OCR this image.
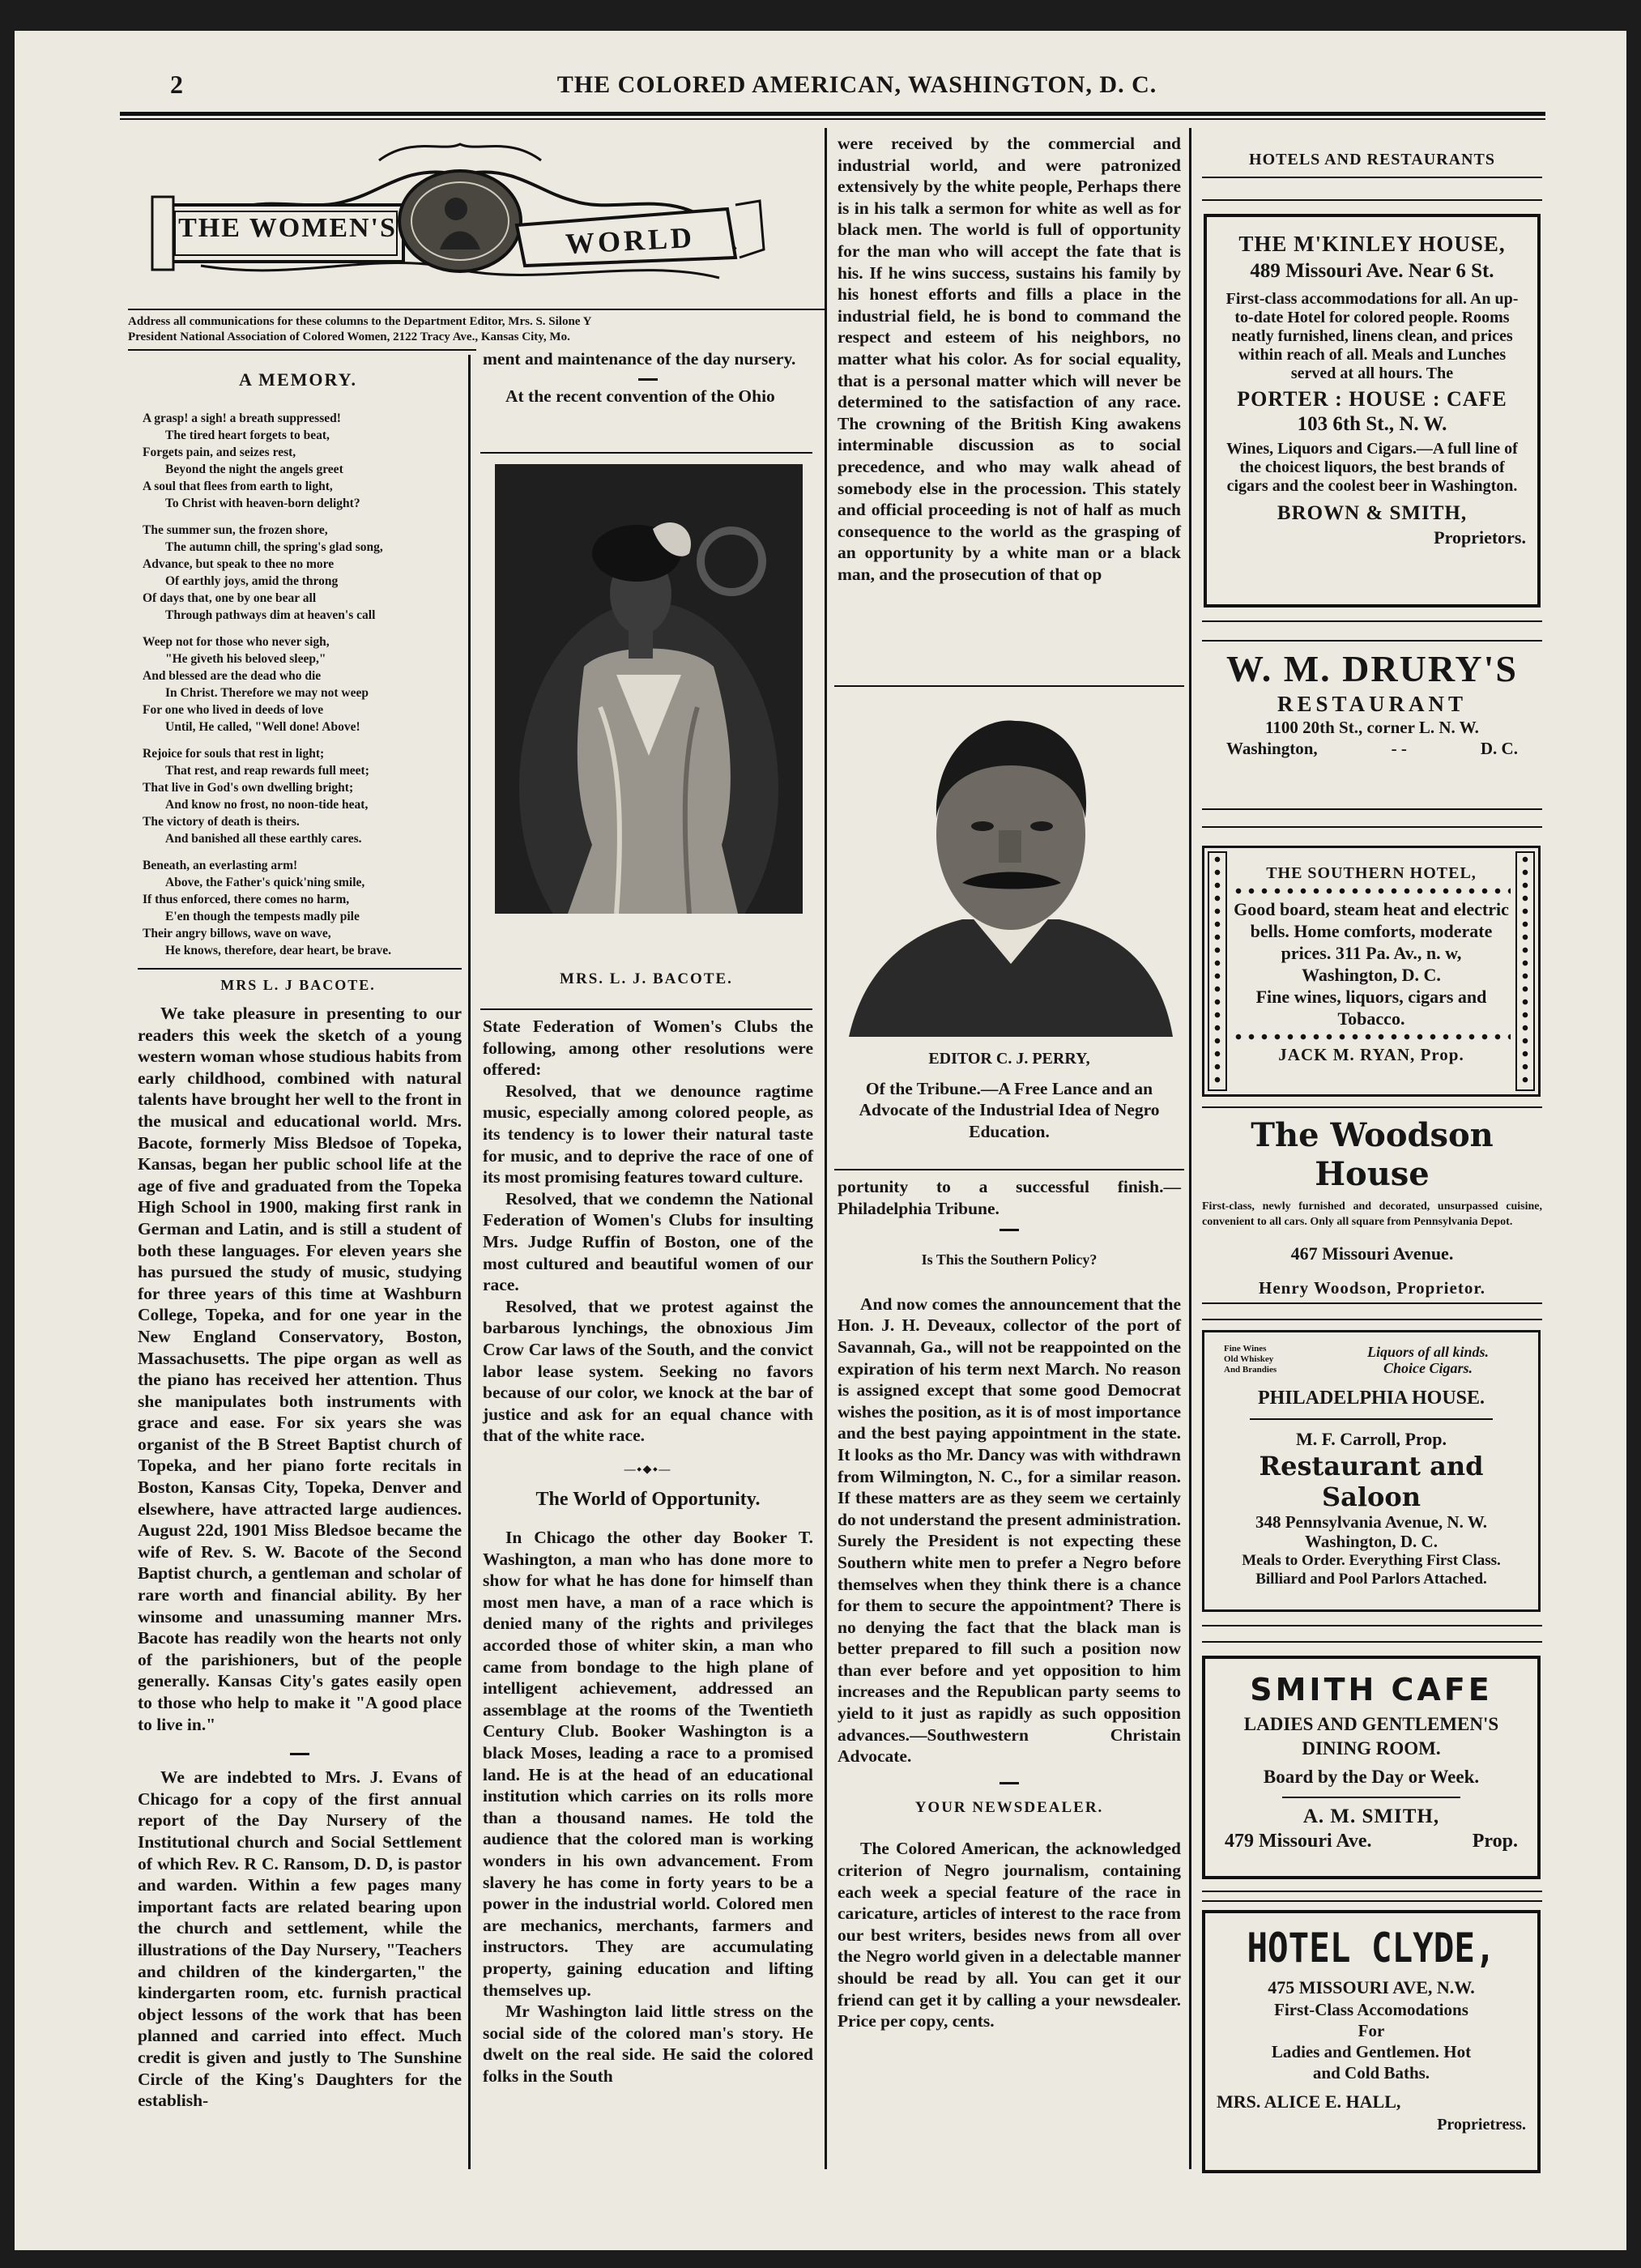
2	THE COLORED AMERICAN, WASHINGTON, D. C.
THE WOMEN'S	WORLD

Address all communications for these columns to the Department Editor, Mrs. S. Silone Y

President National Association of Colored Women, 2122 Tracy Ave., Kansas City, Mo.

A MEMORY.

A grasp! a sigh! a breath suppressed!

The tired heart forgets to beat,

Forgets pain, and seizes rest,

Beyond the night the angels greet

A soul that flees from earth to light,

To Christ with heaven-born delight?

The summer sun, the frozen shore,

The autumn chill, the spring's glad song,

Advance, but speak to thee no more

Of earthly joys, amid the throng

Of days that, one by one bear all

Through pathways dim at heaven's call

Weep not for those who never sigh,

"He giveth his beloved sleep,"

And blessed are the dead who die

In Christ. Therefore we may not weep

For one who lived in deeds of love

Until, He called, "Well done! Above!

Rejoice for souls that rest in light;

That rest, and reap rewards full meet;

That live in God's own dwelling bright;

And know no frost, no noon-tide heat,

The victory of death is theirs.

And banished all these earthly cares.

Beneath, an everlasting arm!

Above, the Father's quick'ning smile,

If thus enforced, there comes no harm,

E'en though the tempests madly pile

Their angry billows, wave on wave,

He knows, therefore, dear heart, be brave.

MRS L. J BACOTE.

We take pleasure in presenting to our readers this week the sketch of a young western woman whose studious habits from early childhood, combined with natural talents have brought her well to the front in the musical and educational world. Mrs. Bacote, formerly Miss Bledsoe of Topeka, Kansas, began her public school life at the age of five and graduated from the Topeka High School in 1900, making first rank in German and Latin, and is still a student of both these languages. For eleven years she has pursued the study of music, studying for three years of this time at Washburn College, Topeka, and for one year in the New England Conservatory, Boston, Massachusetts. The pipe organ as well as the piano has received her attention. Thus she manipulates both instruments with grace and ease. For six years she was organist of the B Street Baptist church of Topeka, and her piano forte recitals in Boston, Kansas City, Topeka, Denver and elsewhere, have attracted large audiences. August 22d, 1901 Miss Bledsoe became the wife of Rev. S. W. Bacote of the Second Baptist church, a gentleman and scholar of rare worth and financial ability. By her winsome and unassuming manner Mrs. Bacote has readily won the hearts not only of the parishioners, but of the people generally. Kansas City's gates easily open to those who help to make it "A good place to live in."

We are indebted to Mrs. J. Evans of Chicago for a copy of the first annual report of the Day Nursery of the Institutional church and Social Settlement of which Rev. R C. Ransom, D. D, is pastor and warden. Within a few pages many important facts are related bearing upon the church and settlement, while the illustrations of the Day Nursery, "Teachers and children of the kindergarten," the kindergarten room, etc. furnish practical object lessons of the work that has been planned and carried into effect. Much credit is given and justly to The Sunshine Circle of the King's Daughters for the establish-

ment and maintenance of the day nursery.

At the recent convention of the Ohio

MRS. L. J. BACOTE.

State Federation of Women's Clubs the following, among other resolutions were offered:

Resolved, that we denounce ragtime music, especially among colored people, as its tendency is to lower their natural taste for music, and to deprive the race of one of its most promising features toward culture.

Resolved, that we condemn the National Federation of Women's Clubs for insulting Mrs. Judge Ruffin of Boston, one of the most cultured and beautiful women of our race.

Resolved, that we protest against the barbarous lynchings, the obnoxious Jim Crow Car laws of the South, and the convict labor lease system. Seeking no favors because of our color, we knock at the bar of justice and ask for an equal chance with that of the white race.

—⬩◆⬩—

The World of Opportunity.

In Chicago the other day Booker T. Washington, a man who has done more to show for what he has done for himself than most men have, a man of a race which is denied many of the rights and privileges accorded those of whiter skin, a man who came from bondage to the high plane of intelligent achievement, addressed an assemblage at the rooms of the Twentieth Century Club. Booker Washington is a black Moses, leading a race to a promised land. He is at the head of an educational institution which carries on its rolls more than a thousand names. He told the audience that the colored man is working wonders in his own advancement. From slavery he has come in forty years to be a power in the industrial world. Colored men are mechanics, merchants, farmers and instructors. They are accumulating property, gaining education and lifting themselves up.

Mr Washington laid little stress on the social side of the colored man's story. He dwelt on the real side. He said the colored folks in the South

were received by the commercial and industrial world, and were patronized extensively by the white people, Perhaps there is in his talk a sermon for white as well as for black men. The world is full of opportunity for the man who will accept the fate that is his. If he wins success, sustains his family by his honest efforts and fills a place in the industrial field, he is bond to command the respect and esteem of his neighbors, no matter what his color. As for social equality, that is a personal matter which will never be determined to the satisfaction of any race. The crowning of the British King awakens interminable discussion as to social precedence, and who may walk ahead of somebody else in the procession. This stately and official proceeding is not of half as much consequence to the world as the grasping of an opportunity by a white man or a black man, and the prosecution of that op

EDITOR C. J. PERRY,

Of the Tribune.—A Free Lance and an Advocate of the Industrial Idea of Negro Education.

portunity to a successful finish.— Philadelphia Tribune.

Is This the Southern Policy?

And now comes the announcement that the Hon. J. H. Deveaux, collector of the port of Savannah, Ga., will not be reappointed on the expiration of his term next March. No reason is assigned except that some good Democrat wishes the position, as it is of most importance and the best paying appointment in the state. It looks as tho Mr. Dancy was with withdrawn from Wilmington, N. C., for a similar reason. If these matters are as they seem we certainly do not understand the present administration. Surely the President is not expecting these Southern white men to prefer a Negro before themselves when they think there is a chance for them to secure the appointment? There is no denying the fact that the black man is better prepared to fill such a position now than ever before and yet opposition to him increases and the Republican party seems to yield to it just as rapidly as such opposition advances.—Southwestern Christain Advocate.

YOUR NEWSDEALER.

The Colored American, the acknowledged criterion of Negro journalism, containing each week a special feature of the race in caricature, articles of interest to the race from our best writers, besides news from all over the Negro world given in a delectable manner should be read by all. You can get it our friend can get it by calling a your newsdealer. Price per copy, cents.

HOTELS AND RESTAURANTS

THE M'KINLEY HOUSE,

489 Missouri Ave. Near 6 St.

First-class accommodations for all. An up-to-date Hotel for colored people. Rooms neatly furnished, linens clean, and prices within reach of all. Meals and Lunches served at all hours. The

PORTER : HOUSE : CAFE

103 6th St., N. W.

Wines, Liquors and Cigars.—A full line of the choicest liquors, the best brands of cigars and the coolest beer in Washington.

BROWN & SMITH,

Proprietors.

W. M. DRURY'S

RESTAURANT

1100 20th St., corner L. N. W.

Washington,	- -	D. C.

THE SOUTHERN HOTEL,

Good board, steam heat and electric bells. Home comforts, moderate prices. 311 Pa. Av., n. w, Washington, D. C.

Fine wines, liquors, cigars and Tobacco.

JACK M. RYAN, Prop.

The Woodson House

First-class, newly furnished and decorated, unsurpassed cuisine, convenient to all cars. Only all square from Pennsylvania Depot.

467 Missouri Avenue.

Henry Woodson, Proprietor.

Fine Wines

Old Whiskey

And Brandies

Liquors of all kinds.

Choice Cigars.

PHILADELPHIA HOUSE.

M. F. Carroll, Prop.

Restaurant and Saloon

348 Pennsylvania Avenue, N. W.

Washington, D. C.

Meals to Order. Everything First Class.

Billiard and Pool Parlors Attached.

SMITH CAFE

LADIES AND GENTLEMEN'S

DINING ROOM.

Board by the Day or Week.

A. M. SMITH,

479 Missouri Ave.	Prop.

HOTEL CLYDE,

475 MISSOURI AVE, N.W.

First-Class Accomodations

For

Ladies and Gentlemen. Hot

and Cold Baths.

MRS. ALICE E. HALL,

Proprietress.
